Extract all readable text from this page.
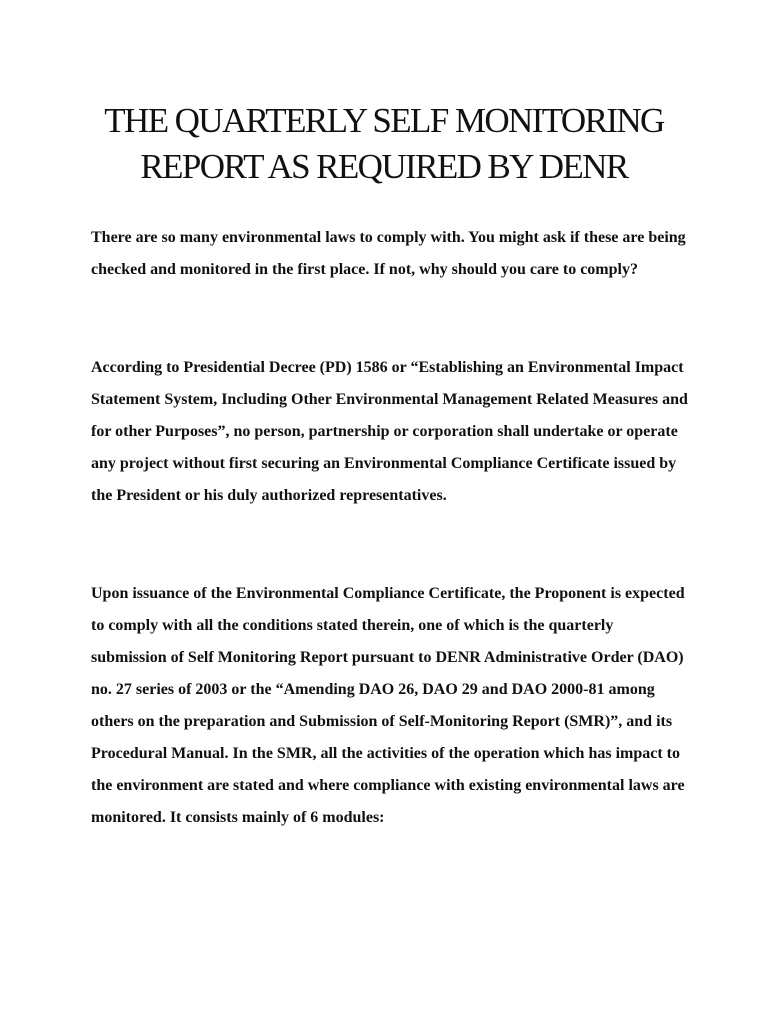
THE QUARTERLY SELF MONITORING REPORT AS REQUIRED BY DENR

There are so many environmental laws to comply with. You might ask if these are being checked and monitored in the first place. If not, why should you care to comply?

According to Presidential Decree (PD) 1586 or “Establishing an Environmental Impact Statement System, Including Other Environmental Management Related Measures and for other Purposes”, no person, partnership or corporation shall undertake or operate any project without first securing an Environmental Compliance Certificate issued by the President or his duly authorized representatives.

Upon issuance of the Environmental Compliance Certificate, the Proponent is expected to comply with all the conditions stated therein, one of which is the quarterly submission of Self Monitoring Report pursuant to DENR Administrative Order (DAO) no. 27 series of 2003 or the “Amending DAO 26, DAO 29 and DAO 2000-81 among others on the preparation and Submission of Self-Monitoring Report (SMR)”, and its Procedural Manual. In the SMR, all the activities of the operation which has impact to the environment are stated and where compliance with existing environmental laws are monitored. It consists mainly of 6 modules:
